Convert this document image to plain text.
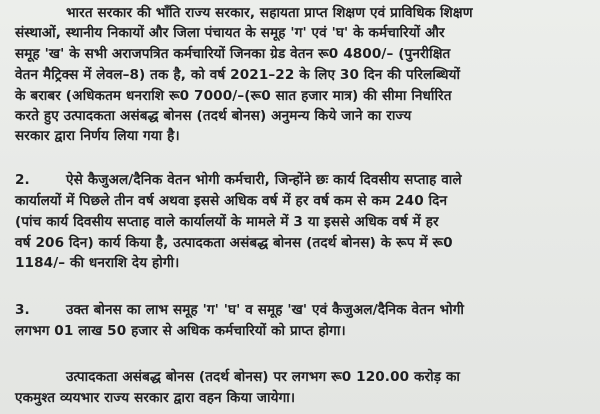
भारत सरकार की भाँति राज्य सरकार, सहायता प्राप्त शिक्षण एवं प्राविधिक शिक्षण
संस्थाओं, स्थानीय निकायों और जिला पंचायत के समूह 'ग' एवं 'घ' के कर्मचारियों और
समूह 'ख' के सभी अराजपत्रित कर्मचारियों जिनका ग्रेड वेतन रू0 4800/– (पुनरीक्षित
वेतन मैट्रिक्स में लेवल–8) तक है, को वर्ष 2021–22 के लिए 30 दिन की परिलब्धियों
के बराबर (अधिकतम धनराशि रू0 7000/–(रू0 सात हजार मात्र) की सीमा निर्धारित
करते हुए उत्पादकता असंबद्ध बोनस (तदर्थ बोनस) अनुमन्य किये जाने का राज्य
सरकार द्वारा निर्णय लिया गया है।
2.	ऐसे कैजुअल/दैनिक वेतन भोगी कर्मचारी, जिन्होंने छः कार्य दिवसीय सप्ताह वाले
कार्यालयों में पिछले तीन वर्ष अथवा इससे अधिक वर्ष में हर वर्ष कम से कम 240 दिन
(पांच कार्य दिवसीय सप्ताह वाले कार्यालयों के मामले में 3 या इससे अधिक वर्ष में हर
वर्ष 206 दिन) कार्य किया है, उत्पादकता असंबद्ध बोनस (तदर्थ बोनस) के रूप में रू0
1184/– की धनराशि देय होगी।
3.	उक्त बोनस का लाभ समूह 'ग' 'घ' व समूह 'ख' एवं कैजुअल/दैनिक वेतन भोगी
लगभग 01 लाख 50 हजार से अधिक कर्मचारियों को प्राप्त होगा।
उत्पादकता असंबद्ध बोनस (तदर्थ बोनस) पर लगभग रू0 120.00 करोड़ का
एकमुश्त व्ययभार राज्य सरकार द्वारा वहन किया जायेगा।
